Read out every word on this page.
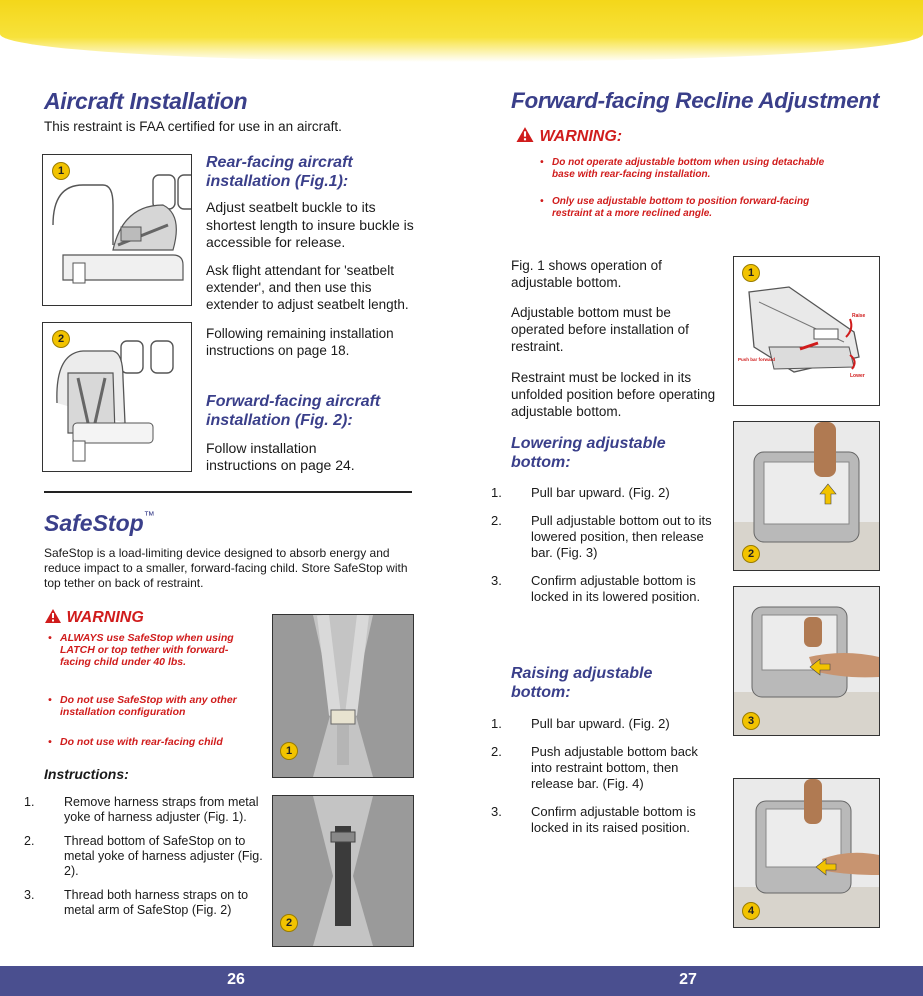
Aircraft Installation
This restraint is FAA certified for use in an aircraft.
1	Rear-facing aircraft installation (Fig.1):
Adjust seatbelt buckle to its shortest length to insure buckle is accessible for release.
Ask flight attendant for 'seatbelt extender', and then use this extender to adjust seatbelt length.
Following remaining installation instructions on page 18.
2
Forward-facing aircraft installation (Fig. 2):
Follow installation instructions on page 24.
SafeStop™
SafeStop is a load-limiting device designed to absorb energy and reduce impact to a smaller, forward-facing child. Store SafeStop with top tether on back of restraint.
WARNING
• ALWAYS use SafeStop when using LATCH or top tether with forward-facing child under 40 lbs.
• Do not use SafeStop with any other installation configuration
• Do not use with rear-facing child
Instructions:
1. Remove harness straps from metal yoke of harness adjuster (Fig. 1).
2. Thread bottom of SafeStop on to metal yoke of harness adjuster (Fig. 2).
3. Thread both harness straps on to metal arm of SafeStop (Fig. 2)
1
2
Forward-facing Recline Adjustment
WARNING:
• Do not operate adjustable bottom when using detachable base with rear-facing installation.
• Only use adjustable bottom to position forward-facing restraint at a more reclined angle.
Fig. 1 shows operation of adjustable bottom.
Adjustable bottom must be operated before installation of restraint.
Restraint must be locked in its unfolded position before operating adjustable bottom.
Lowering adjustable bottom:
1. Pull bar upward. (Fig. 2)
2. Pull adjustable bottom out to its lowered position, then release bar. (Fig. 3)
3. Confirm adjustable bottom is locked in its lowered position.
Raising adjustable bottom:
1. Pull bar upward. (Fig. 2)
2. Push adjustable bottom back into restraint bottom, then release bar. (Fig. 4)
3. Confirm adjustable bottom is locked in its raised position.
Push bar forward
Raise
Lower
1
2
3
4
26	27
